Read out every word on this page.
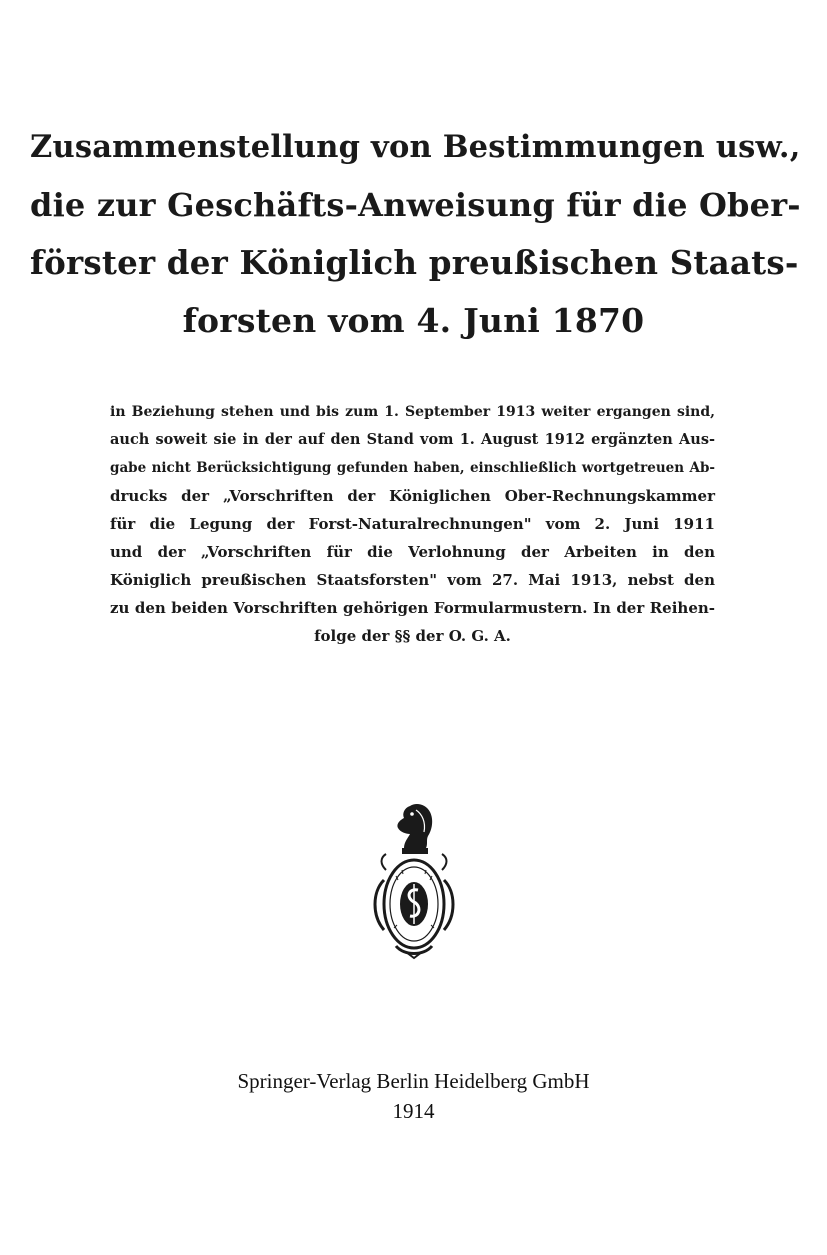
Zusammenstellung von Bestimmungen usw.,
die zur Geschäfts-Anweisung für die Ober-
förster der Königlich preußischen Staats-
forsten vom 4. Juni 1870
in Beziehung stehen und bis zum 1. September 1913 weiter ergangen sind,
auch soweit sie in der auf den Stand vom 1. August 1912 ergänzten Aus-
gabe nicht Berücksichtigung gefunden haben, einschließlich wortgetreuen Ab-
drucks der „Vorschriften der Königlichen Ober-Rechnungskammer
für die Legung der Forst-Naturalrechnungen" vom 2. Juni 1911
und der „Vorschriften für die Verlohnung der Arbeiten in den
Königlich preußischen Staatsforsten" vom 27. Mai 1913, nebst den
zu den beiden Vorschriften gehörigen Formularmustern. In der Reihen-
folge der §§ der O. G. A.
Springer-Verlag Berlin Heidelberg GmbH
1914
